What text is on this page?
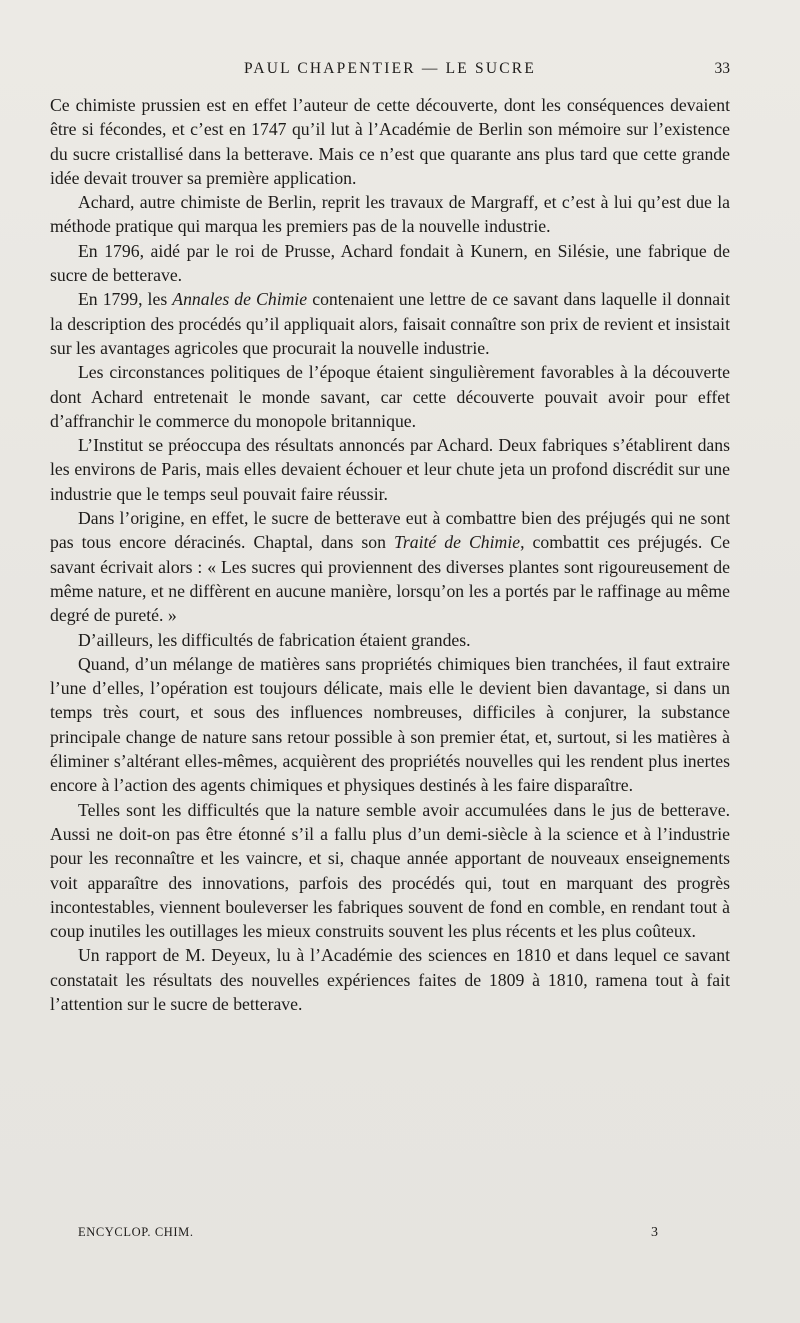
PAUL CHAPENTIER — LE SUCRE	33

Ce chimiste prussien est en effet l’auteur de cette découverte, dont les conséquences devaient être si fécondes, et c’est en 1747 qu’il lut à l’Académie de Berlin son mémoire sur l’existence du sucre cristallisé dans la betterave. Mais ce n’est que quarante ans plus tard que cette grande idée devait trouver sa première application.

Achard, autre chimiste de Berlin, reprit les travaux de Margraff, et c’est à lui qu’est due la méthode pratique qui marqua les premiers pas de la nouvelle industrie.

En 1796, aidé par le roi de Prusse, Achard fondait à Kunern, en Silésie, une fabrique de sucre de betterave.

En 1799, les Annales de Chimie contenaient une lettre de ce savant dans laquelle il donnait la description des procédés qu’il appliquait alors, faisait connaître son prix de revient et insistait sur les avantages agricoles que procurait la nouvelle industrie.

Les circonstances politiques de l’époque étaient singulièrement favorables à la découverte dont Achard entretenait le monde savant, car cette découverte pouvait avoir pour effet d’affranchir le commerce du monopole britannique.

L’Institut se préoccupa des résultats annoncés par Achard. Deux fabriques s’établirent dans les environs de Paris, mais elles devaient échouer et leur chute jeta un profond discrédit sur une industrie que le temps seul pouvait faire réussir.

Dans l’origine, en effet, le sucre de betterave eut à combattre bien des préjugés qui ne sont pas tous encore déracinés. Chaptal, dans son Traité de Chimie, combattit ces préjugés. Ce savant écrivait alors : « Les sucres qui proviennent des diverses plantes sont rigoureusement de même nature, et ne diffèrent en aucune manière, lorsqu’on les a portés par le raffinage au même degré de pureté. »

D’ailleurs, les difficultés de fabrication étaient grandes.

Quand, d’un mélange de matières sans propriétés chimiques bien tranchées, il faut extraire l’une d’elles, l’opération est toujours délicate, mais elle le devient bien davantage, si dans un temps très court, et sous des influences nombreuses, difficiles à conjurer, la substance principale change de nature sans retour possible à son premier état, et, surtout, si les matières à éliminer s’altérant elles-mêmes, acquièrent des propriétés nouvelles qui les rendent plus inertes encore à l’action des agents chimiques et physiques destinés à les faire disparaître.

Telles sont les difficultés que la nature semble avoir accumulées dans le jus de betterave. Aussi ne doit-on pas être étonné s’il a fallu plus d’un demi-siècle à la science et à l’industrie pour les reconnaître et les vaincre, et si, chaque année apportant de nouveaux enseignements voit apparaître des innovations, parfois des procédés qui, tout en marquant des progrès incontestables, viennent bouleverser les fabriques souvent de fond en comble, en rendant tout à coup inutiles les outillages les mieux construits souvent les plus récents et les plus coûteux.

Un rapport de M. Deyeux, lu à l’Académie des sciences en 1810 et dans lequel ce savant constatait les résultats des nouvelles expériences faites de 1809 à 1810, ramena tout à fait l’attention sur le sucre de betterave.

ENCYCLOP. CHIM.	3
